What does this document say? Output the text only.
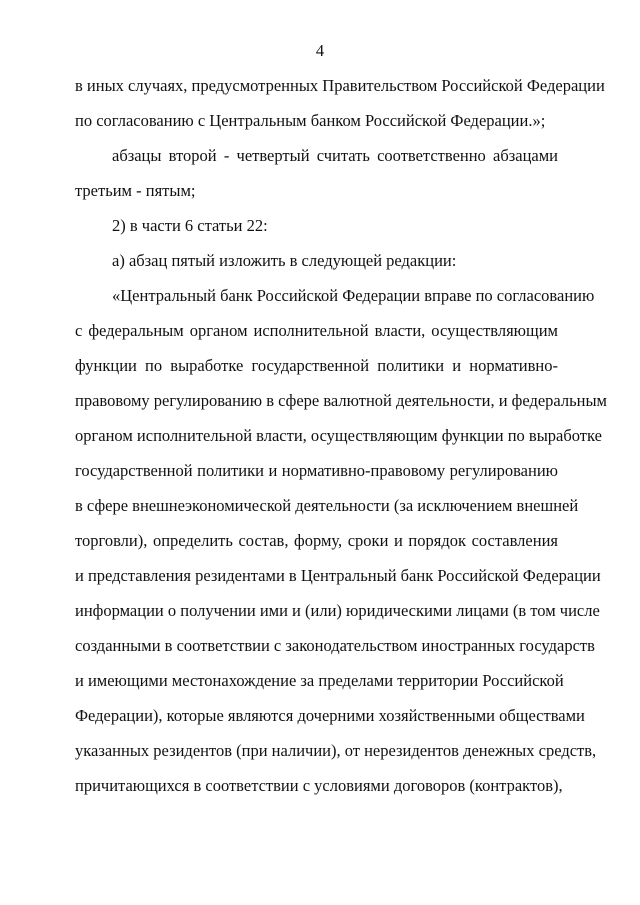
4
в иных случаях, предусмотренных Правительством Российской Федерации
по согласованию с Центральным банком Российской Федерации.»;
абзацы второй - четвертый считать соответственно абзацами
третьим - пятым;
2) в части 6 статьи 22:
а) абзац пятый изложить в следующей редакции:
«Центральный банк Российской Федерации вправе по согласованию
с федеральным органом исполнительной власти, осуществляющим
функции по выработке государственной политики и нормативно-
правовому регулированию в сфере валютной деятельности, и федеральным
органом исполнительной власти, осуществляющим функции по выработке
государственной политики и нормативно-правовому регулированию
в сфере внешнеэкономической деятельности (за исключением внешней
торговли), определить состав, форму, сроки и порядок составления
и представления резидентами в Центральный банк Российской Федерации
информации о получении ими и (или) юридическими лицами (в том числе
созданными в соответствии с законодательством иностранных государств
и имеющими местонахождение за пределами территории Российской
Федерации), которые являются дочерними хозяйственными обществами
указанных резидентов (при наличии), от нерезидентов денежных средств,
причитающихся в соответствии с условиями договоров (контрактов),
